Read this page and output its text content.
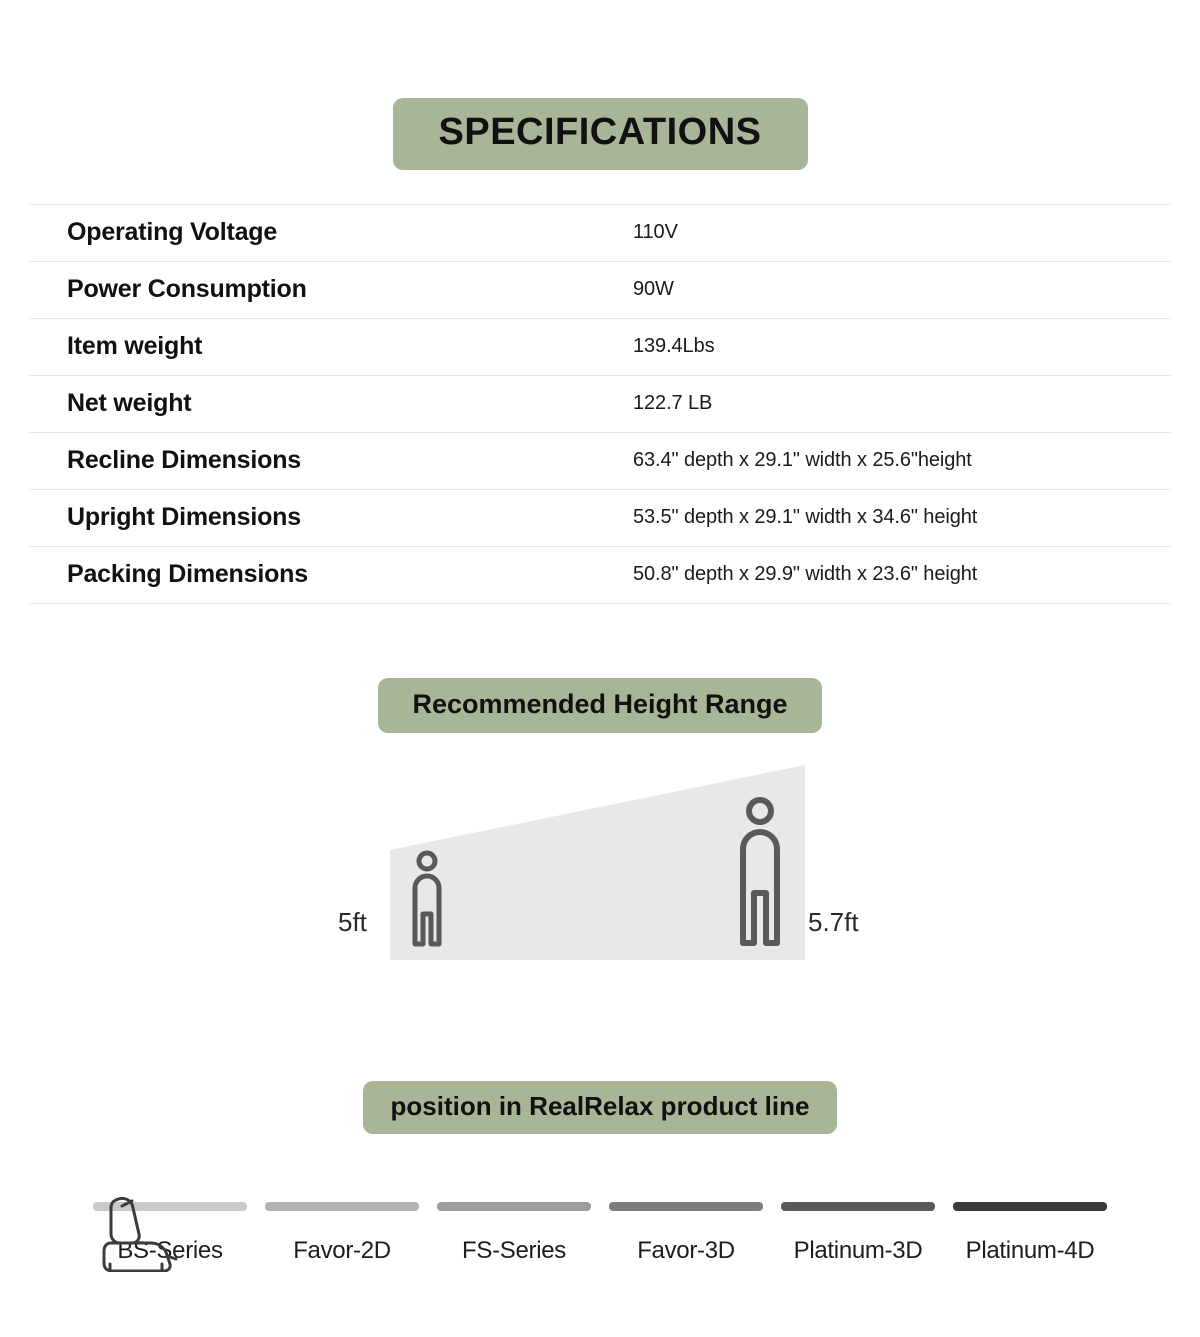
SPECIFICATIONS
Operating Voltage	110V
Power Consumption	90W
Item weight	139.4Lbs
Net weight	122.7 LB
Recline Dimensions	63.4" depth x 29.1" width x 25.6"height
Upright Dimensions	53.5" depth x 29.1" width x 34.6" height
Packing Dimensions	50.8" depth x 29.9" width x 23.6" height
Recommended Height Range
5ft	5.7ft
position in RealRelax product line
BS-Series	Favor-2D	FS-Series	Favor-3D	Platinum-3D	Platinum-4D
